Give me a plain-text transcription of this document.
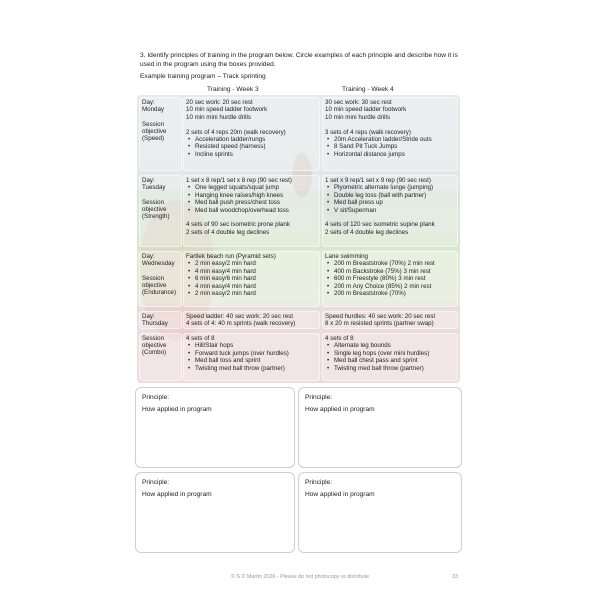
3. Identify principles of training in the program below. Circle examples of each principle and describe how it is used in the program using the boxes provided.
Example training program – Track sprinting
Training - Week 3	Training - Week 4
Day:
Monday
Session
objective
(Speed)
20 sec work: 20 sec rest
10 min speed ladder footwork
10 min mini hurdle drills
2 sets of 4 reps 20m (walk recovery)
• Acceleration ladder/rungs
• Resisted speed (harness)
• Incline sprints
30 sec work: 30 sec rest
10 min speed ladder footwork
10 min mini hurdle drills
3 sets of 4 reps (walk recovery)
• 20m Acceleration ladder/Stride outs
• 8 Sand Pit Tuck Jumps
• Horizontal distance jumps
Day:
Tuesday
Session
objective
(Strength)
1 set x 8 rep/1 set x 8 rep (90 sec rest)
• One legged squats/squat jump
• Hanging knee raises/high knees
• Med ball push press/chest toss
• Med ball woodchop/overhead toss
4 sets of 90 sec isometric prone plank
2 sets of 4 double leg declines
1 set x 9 rep/1 set x 9 rep (90 sec rest)
• Plyometric alternate lunge (jumping)
• Double leg toss (ball with partner)
• Med ball press up
• V sit/Superman
4 sets of 120 sec isometric supine plank
2 sets of 4 double leg declines
Day:
Wednesday
Session
objective
(Endurance)
Fartlek beach run (Pyramid sets)
• 2 min easy/2 min hard
• 4 min easy/4 min hard
• 6 min easy/6 min hard
• 4 min easy/4 min hard
• 2 min easy/2 min hard
Lane swimming
• 200 m Breaststroke (70%) 2 min rest
• 400 m Backstroke (75%) 3 min rest
• 600 m Freestyle (80%) 3 min rest
• 200 m Any Choice (85%) 2 min rest
• 200 m Breaststroke (70%)
Day:
Thursday
Speed ladder: 40 sec work: 20 sec rest
4 sets of 4: 40 m sprints (walk recovery)
Speed hurdles: 40 sec work: 20 sec rest
8 x 20 m resisted sprints (partner swap)
Session
objective
(Combo)
4 sets of 8
• Hill/Stair hops
• Forward tuck jumps (over hurdles)
• Med ball toss and sprint
• Twisting med ball throw (partner)
4 sets of 8
• Alternate leg bounds
• Single leg hops (over mini hurdles)
• Med ball chest pass and sprint
• Twisting med ball throw (partner)
Principle:
How applied in program
Principle:
How applied in program
Principle:
How applied in program
Principle:
How applied in program
© S D Martin 2026 - Please do not photocopy or distribute	33
